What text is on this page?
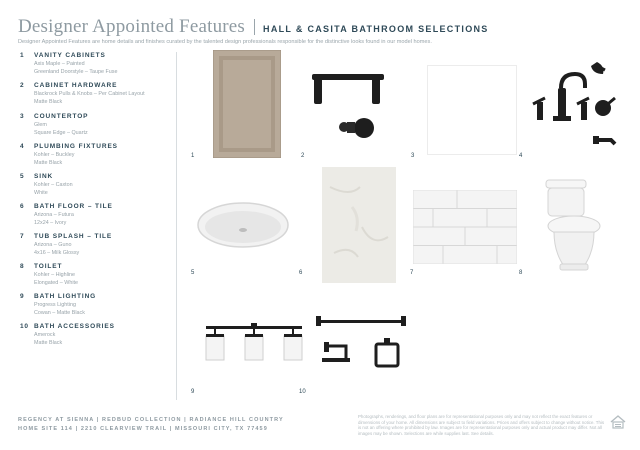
Designer Appointed Features HALL & CASITA BATHROOM SELECTIONS
Designer Appointed Features are home details and finishes curated by the talented design professionals responsible for the distinctive looks found in our model homes.
1 VANITY CABINETS
Axis Maple – Painted
Greenland Doorstyle – Taupe Fuse
2 CABINET HARDWARE
Blackrock Pulls & Knobs – Per Cabinet Layout
Matte Black
3 COUNTERTOP
Glem
Square Edge – Quartz
4 PLUMBING FIXTURES
Kohler – Buckley
Matte Black
5 SINK
Kohler – Caxton
White
6 BATH FLOOR – TILE
Arizona – Futura
12x24 – Ivory
7 TUB SPLASH – TILE
Arizona – Guno
4x16 – Milk Glossy
8 TOILET
Kohler – Highline
Elongated – White
9 BATH LIGHTING
Progress Lighting
Cowan – Matte Black
10 BATH ACCESSORIES
Amerock
Matte Black
1	2	3	4
5	6	7	8
9	10
REGENCY AT SIENNA | REDBUD COLLECTION | RADIANCE HILL COUNTRY
HOME SITE 114 | 2210 CLEARVIEW TRAIL | MISSOURI CITY, TX 77459
Photographs, renderings, and floor plans are for representational purposes only and may not reflect the exact features or dimensions of your home. All dimensions are subject to field variations. Prices and offers subject to change without notice. This is not an offering where prohibited by law. Images are for representational purposes only and actual product may differ. Not all images may be shown. Selections are while supplies last. See details.
